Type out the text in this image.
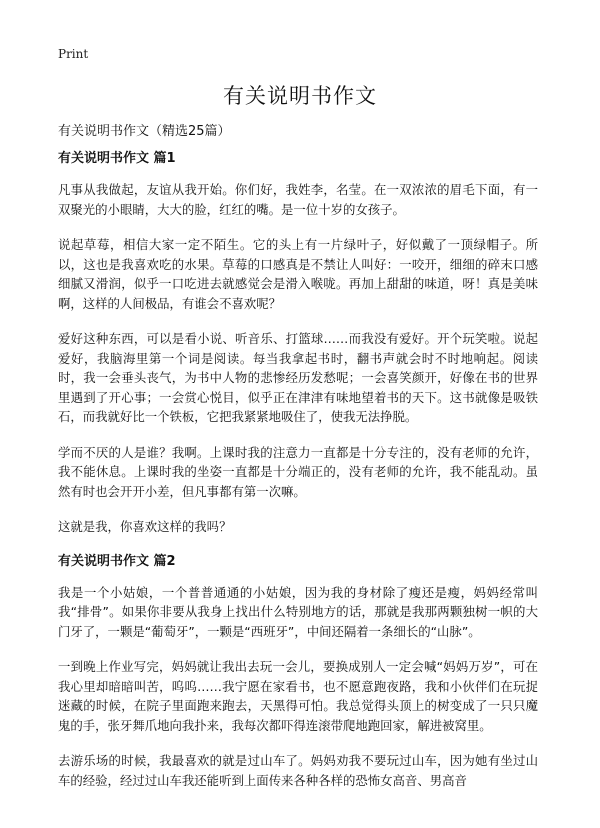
Print
有关说明书作文

有关说明书作文（精选25篇）

有关说明书作文 篇1

凡事从我做起，友谊从我开始。你们好，我姓李，名莹。在一双浓浓的眉毛下面，有一双聚光的小眼睛，大大的脸，红红的嘴。是一位十岁的女孩子。

说起草莓，相信大家一定不陌生。它的头上有一片绿叶子，好似戴了一顶绿帽子。所以，这也是我喜欢吃的水果。草莓的口感真是不禁让人叫好：一咬开，细细的碎末口感细腻又滑润，似乎一口吃进去就感觉会是滑入喉咙。再加上甜甜的味道，呀！真是美味啊，这样的人间极品，有谁会不喜欢呢？

爱好这种东西，可以是看小说、听音乐、打篮球……而我没有爱好。开个玩笑啦。说起爱好，我脑海里第一个词是阅读。每当我拿起书时，翻书声就会时不时地响起。阅读时，我一会垂头丧气，为书中人物的悲惨经历发愁呢；一会喜笑颜开，好像在书的世界里遇到了开心事；一会赏心悦目，似乎正在津津有味地望着书的天下。这书就像是吸铁石，而我就好比一个铁板，它把我紧紧地吸住了，使我无法挣脱。

学而不厌的人是谁？我啊。上课时我的注意力一直都是十分专注的，没有老师的允许，我不能休息。上课时我的坐姿一直都是十分端正的，没有老师的允许，我不能乱动。虽然有时也会开开小差，但凡事都有第一次嘛。

这就是我，你喜欢这样的我吗？

有关说明书作文 篇2

我是一个小姑娘，一个普普通通的小姑娘，因为我的身材除了瘦还是瘦，妈妈经常叫我“排骨”。如果你非要从我身上找出什么特别地方的话，那就是我那两颗独树一帜的大门牙了，一颗是“葡萄牙”，一颗是“西班牙”，中间还隔着一条细长的“山脉”。

一到晚上作业写完，妈妈就让我出去玩一会儿，要换成别人一定会喊“妈妈万岁”，可在我心里却暗暗叫苦，呜呜……我宁愿在家看书，也不愿意跑夜路，我和小伙伴们在玩捉迷藏的时候，在院子里面跑来跑去，天黑得可怕。我总觉得头顶上的树变成了一只只魔鬼的手，张牙舞爪地向我扑来，我每次都吓得连滚带爬地跑回家，解进被窝里。

去游乐场的时候，我最喜欢的就是过山车了。妈妈劝我不要玩过山车，因为她有坐过山车的经验，经过过山车我还能听到上面传来各种各样的恐怖女高音、男高音
